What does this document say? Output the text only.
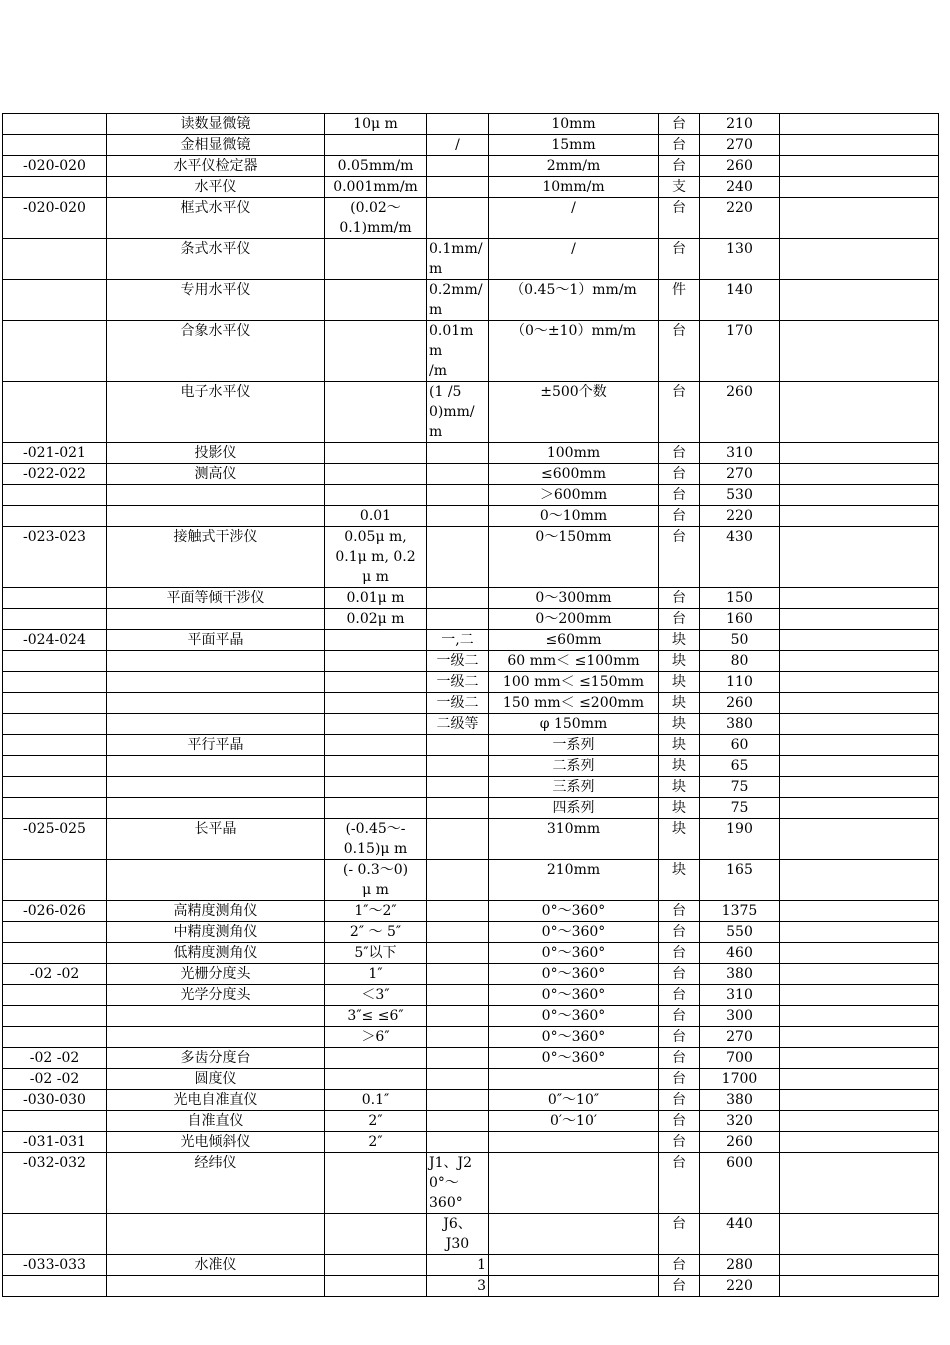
	读数显微镜	10μ m		10mm	台	210	
	金相显微镜		/	15mm	台	270	
-020-020	水平仪检定器	0.05mm/m		2mm/m	台	260	
	水平仪	0.001mm/m		10mm/m	支	240	
-020-020	框式水平仪	(0.02～
0.1)mm/m		/	台	220	
	条式水平仪		0.1mm/
m	/	台	130	
	专用水平仪		0.2mm/
m	（0.45～1）mm/m	件	140	
	合象水平仪		0.01mm
/m	（0～±10）mm/m	台	170	
	电子水平仪		(1 /5
0)mm/m	±500个数	台	260	
-021-021	投影仪			100mm	台	310	
-022-022	测高仪			≤600mm	台	270	
				＞600mm	台	530	
		0.01		0～10mm	台	220	
-023-023	接触式干涉仪	0.05μ m,
0.1μ m, 0.2
μ m		0～150mm	台	430	
	平面等倾干涉仪	0.01μ m		0～300mm	台	150	
		0.02μ m		0～200mm	台	160	
-024-024	平面平晶		一,二	≤60mm	块	50	
			一级二	60 mm＜ ≤100mm	块	80	
			一级二	100 mm＜ ≤150mm	块	110	
			一级二	150 mm＜ ≤200mm	块	260	
			二级等	φ 150mm	块	380	
	平行平晶			一系列	块	60	
				二系列	块	65	
				三系列	块	75	
				四系列	块	75	
-025-025	长平晶	(-0.45～-
0.15)μ m		310mm	块	190	
		(- 0.3～0)
μ m		210mm	块	165	
-026-026	高精度测角仪	1″～2″		0°～360°	台	1375	
	中精度测角仪	2″ ～ 5″		0°～360°	台	550	
	低精度测角仪	5″以下		0°～360°	台	460	
-02 -02	光栅分度头	1″		0°～360°	台	380	
	光学分度头	＜3″		0°～360°	台	310	
		3″≤ ≤6″		0°～360°	台	300	
		＞6″		0°～360°	台	270	
-02 -02	多齿分度台			0°～360°	台	700	
-02 -02	圆度仪				台	1700	
-030-030	光电自准直仪	0.1″		0″～10″	台	380	
	自准直仪	2″		0′～10′	台	320	
-031-031	光电倾斜仪	2″			台	260	
-032-032	经纬仪		J1、J2
0°～
360°		台	600	
			J6、
J30		台	440	
-033-033	水准仪		1		台	280	
			3		台	220	
